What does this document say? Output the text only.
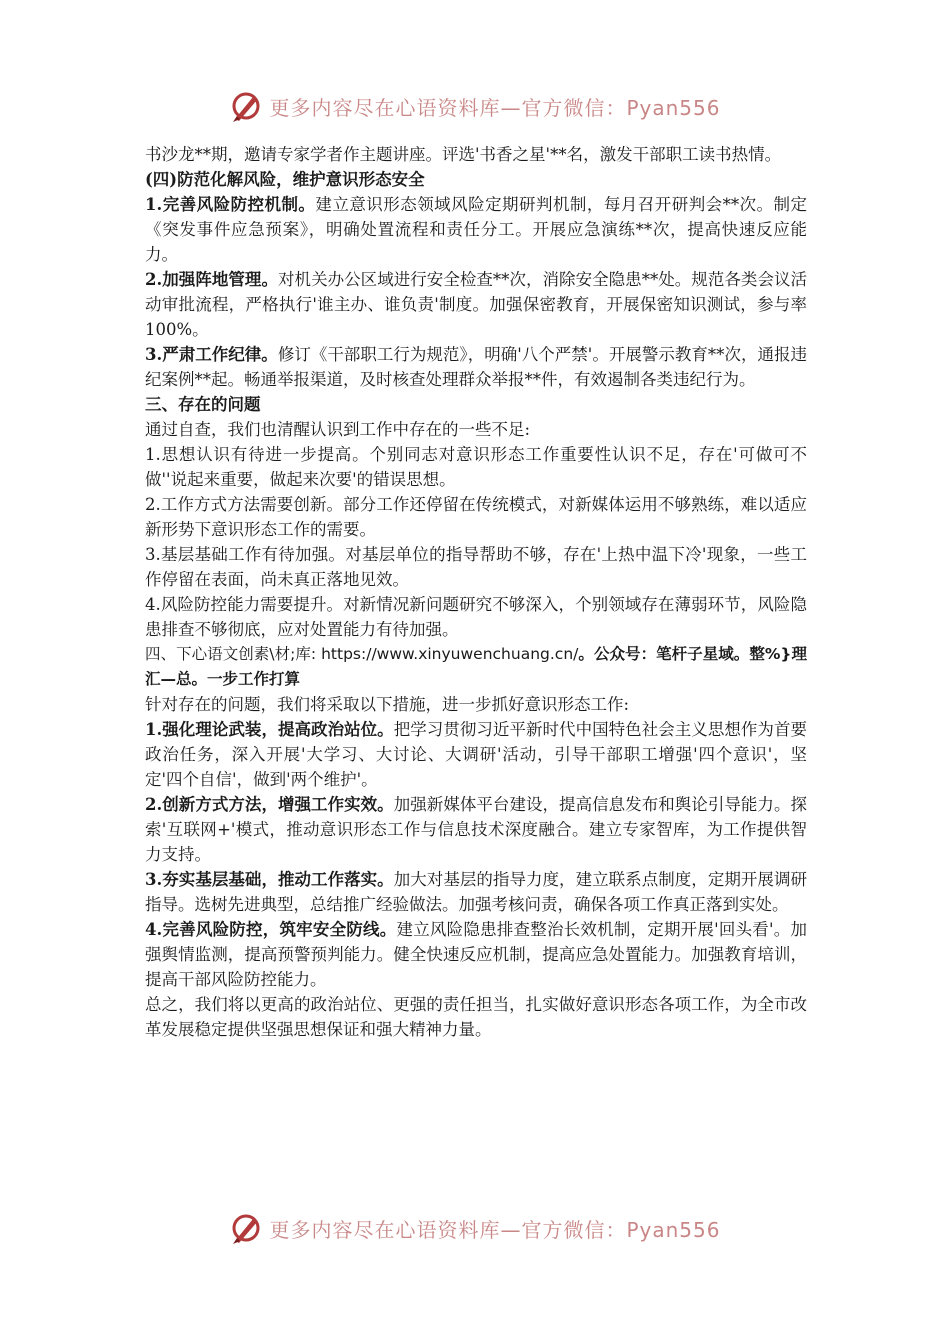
更多内容尽在心语资料库—官方微信：Pyan556

书沙龙**期，邀请专家学者作主题讲座。评选'书香之星'**名，激发干部职工读书热情。

(四)防范化解风险，维护意识形态安全

1.完善风险防控机制。建立意识形态领域风险定期研判机制，每月召开研判会**次。制定《突发事件应急预案》，明确处置流程和责任分工。开展应急演练**次，提高快速反应能力。

2.加强阵地管理。对机关办公区域进行安全检查**次，消除安全隐患**处。规范各类会议活动审批流程，严格执行'谁主办、谁负责'制度。加强保密教育，开展保密知识测试，参与率100%。

3.严肃工作纪律。修订《干部职工行为规范》，明确'八个严禁'。开展警示教育**次，通报违纪案例**起。畅通举报渠道，及时核查处理群众举报**件，有效遏制各类违纪行为。

三、存在的问题

通过自查，我们也清醒认识到工作中存在的一些不足:

1.思想认识有待进一步提高。个别同志对意识形态工作重要性认识不足，存在'可做可不做''说起来重要，做起来次要'的错误思想。

2.工作方式方法需要创新。部分工作还停留在传统模式，对新媒体运用不够熟练，难以适应新形势下意识形态工作的需要。

3.基层基础工作有待加强。对基层单位的指导帮助不够，存在'上热中温下冷'现象，一些工作停留在表面，尚未真正落地见效。

4.风险防控能力需要提升。对新情况新问题研究不够深入，个别领域存在薄弱环节，风险隐患排查不够彻底，应对处置能力有待加强。

四、下心语文创素\材;库: https://www.xinyuwenchuang.cn/。公众号：笔杆子星域。整%}理汇—总。一步工作打算

针对存在的问题，我们将采取以下措施，进一步抓好意识形态工作:

1.强化理论武装，提高政治站位。把学习贯彻习近平新时代中国特色社会主义思想作为首要政治任务，深入开展'大学习、大讨论、大调研'活动，引导干部职工增强'四个意识'，坚定'四个自信'，做到'两个维护'。

2.创新方式方法，增强工作实效。加强新媒体平台建设，提高信息发布和舆论引导能力。探索'互联网+'模式，推动意识形态工作与信息技术深度融合。建立专家智库，为工作提供智力支持。

3.夯实基层基础，推动工作落实。加大对基层的指导力度，建立联系点制度，定期开展调研指导。选树先进典型，总结推广经验做法。加强考核问责，确保各项工作真正落到实处。

4.完善风险防控，筑牢安全防线。建立风险隐患排查整治长效机制，定期开展'回头看'。加强舆情监测，提高预警预判能力。健全快速反应机制，提高应急处置能力。加强教育培训，提高干部风险防控能力。

总之，我们将以更高的政治站位、更强的责任担当，扎实做好意识形态各项工作，为全市改革发展稳定提供坚强思想保证和强大精神力量。

更多内容尽在心语资料库—官方微信：Pyan556
